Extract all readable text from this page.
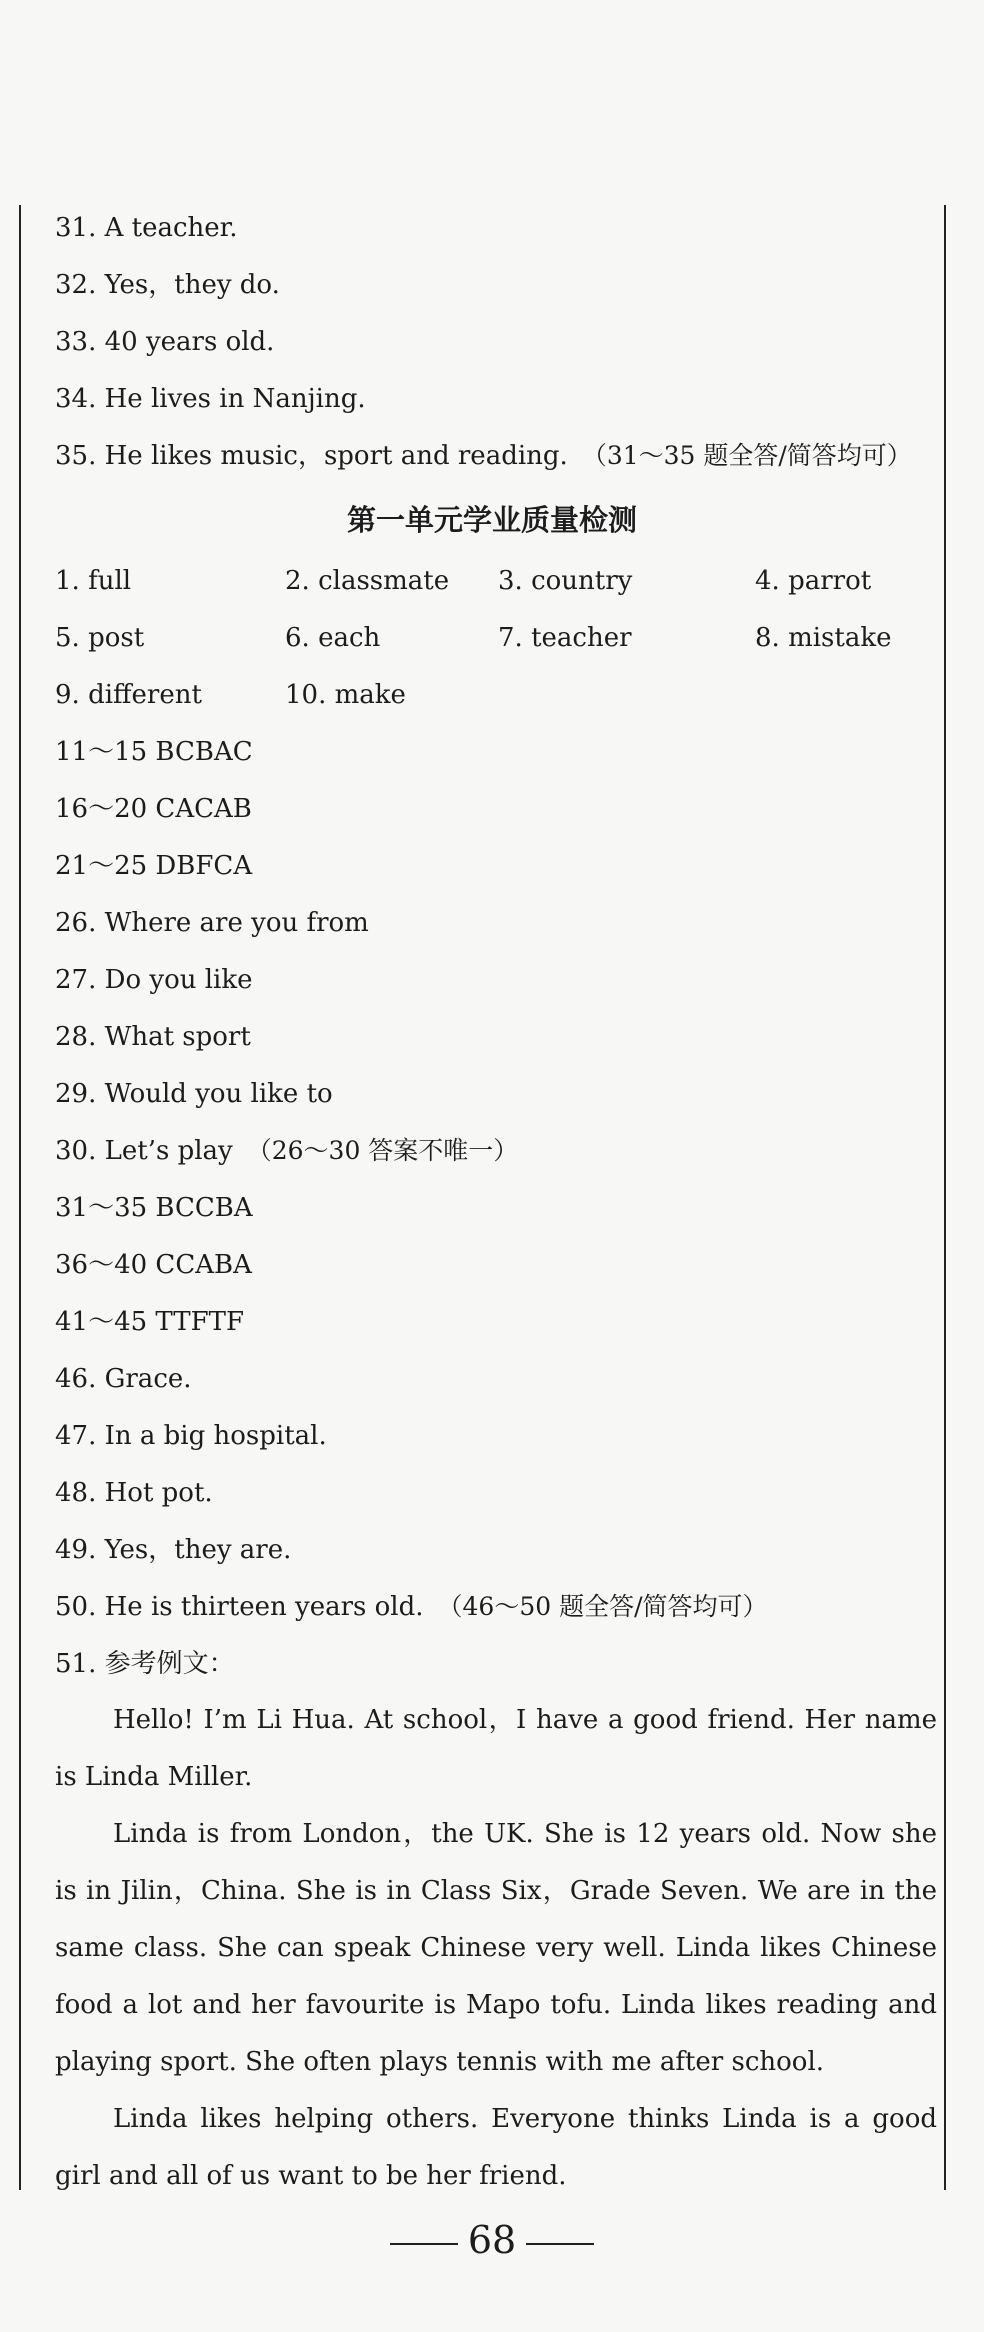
31. A teacher.
32. Yes，they do.
33. 40 years old.
34. He lives in Nanjing.
35. He likes music，sport and reading. （31～35 题全答/简答均可）
第一单元学业质量检测
1. full	2. classmate 3. country	4. parrot
5. post	6. each	7. teacher	8. mistake
9. different	10. make
11～15 BCBAC
16～20 CACAB
21～25 DBFCA
26. Where are you from
27. Do you like
28. What sport
29. Would you like to
30. Let’s play （26～30 答案不唯一）
31～35 BCCBA
36～40 CCABA
41～45 TTFTF
46. Grace.
47. In a big hospital.
48. Hot pot.
49. Yes，they are.
50. He is thirteen years old. （46～50 题全答/简答均可）
51. 参考例文：
Hello! I’m Li Hua. At school，I have a good friend. Her name is Linda Miller.
Linda is from London，the UK. She is 12 years old. Now she is in Jilin，China. She is in Class Six，Grade Seven. We are in the same class. She can speak Chinese very well. Linda likes Chinese food a lot and her favourite is Mapo tofu. Linda likes reading and playing sport. She often plays tennis with me after school.
Linda likes helping others. Everyone thinks Linda is a good girl and all of us want to be her friend.
68
